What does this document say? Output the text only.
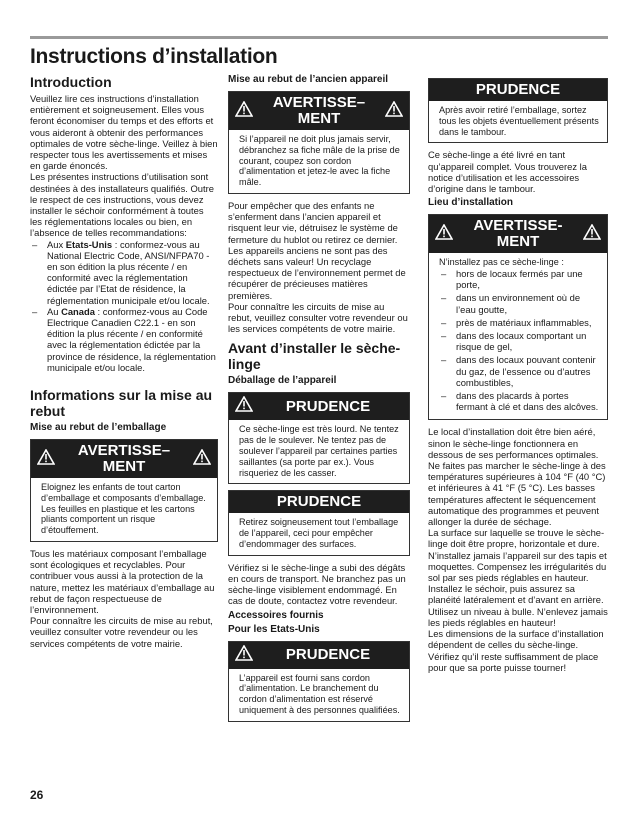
Instructions d’installation
Introduction

Veuillez lire ces instructions d’installation entièrement et soigneusement. Elles vous feront économiser du temps et des efforts et vous aideront à obtenir des performances optimales de votre sèche-linge. Veillez à bien respecter tous les avertissements et mises en garde énoncés.

Les présentes instructions d’utilisation sont destinées à des installateurs qualifiés. Outre le respect de ces instructions, vous devez installer le séchoir conformément à toutes les réglementations locales ou bien, en l’absence de telles recommandations:

– Aux Etats-Unis : conformez-vous au National Electric Code, ANSI/NFPA70 - en son édition la plus récente / en conformité avec la réglementation édictée par l’Etat de résidence, la réglementation municipale et/ou locale.
– Au Canada : conformez-vous au Code Electrique Canadien C22.1 - en son édition la plus récente / en conformité avec la réglementation édictée par la province de résidence, la réglementation municipale et/ou locale.
Informations sur la mise au rebut
Mise au rebut de l’emballage
AVERTISSE– MENT

Eloignez les enfants de tout carton d’emballage et composants d’emballage. Les feuilles en plastique et les cartons pliants comportent un risque d’étouffement.

Tous les matériaux composant l’emballage sont écologiques et recyclables. Pour contribuer vous aussi à la protection de la nature, mettez les matériaux d’emballage au rebut de façon respectueuse de l’environnement.

Pour connaître les circuits de mise au rebut, veuillez consulter votre revendeur ou les services compétents de votre mairie.

Mise au rebut de l’ancien appareil
AVERTISSE– MENT

Si l’appareil ne doit plus jamais servir, débranchez sa fiche mâle de la prise de courant, coupez son cordon d’alimentation et jetez-le avec la fiche mâle.

Pour empêcher que des enfants ne s’enferment dans l’ancien appareil et risquent leur vie, détruisez le système de fermeture du hublot ou retirez ce dernier.

Les appareils anciens ne sont pas des déchets sans valeur! Un recyclage respectueux de l’environnement permet de récupérer de précieuses matières premières.

Pour connaître les circuits de mise au rebut, veuillez consulter votre revendeur ou les services compétents de votre mairie.

Avant d’installer le sèche-linge
Déballage de l’appareil
PRUDENCE

Ce sèche-linge est très lourd. Ne tentez pas de le soulever. Ne tentez pas de soulever l’appareil par certaines parties saillantes (sa porte par ex.). Vous risqueriez de les casser.

PRUDENCE

Retirez soigneusement tout l’emballage de l’appareil, ceci pour empêcher d’endommager des surfaces.

Vérifiez si le sèche-linge a subi des dégâts en cours de transport. Ne branchez pas un sèche-linge visiblement endommagé. En cas de doute, contactez votre revendeur.

Accessoires fournis
Pour les Etats-Unis
PRUDENCE

L’appareil est fourni sans cordon d’alimentation. Le branchement du cordon d’alimentation est réservé uniquement à des personnes qualifiées.

PRUDENCE

Après avoir retiré l’emballage, sortez tous les objets éventuellement présents dans le tambour.

Ce sèche-linge a été livré en tant qu’appareil complet. Vous trouverez la notice d’utilisation et les accessoires d’origine dans le tambour.

Lieu d’installation
AVERTISSE- MENT

N’installez pas ce sèche-linge :

– hors de locaux fermés par une porte,
– dans un environnement où de l’eau goutte,
– près de matériaux inflammables,
– dans des locaux comportant un risque de gel,
– dans des locaux pouvant contenir du gaz, de l’essence ou d’autres combustibles,
– dans des placards à portes fermant à clé et dans des alcôves.

Le local d’installation doit être bien aéré, sinon le sèche-linge fonctionnera en dessous de ses performances optimales.

Ne faites pas marcher le sèche-linge à des températures supérieures à 104 °F (40 °C) et inférieures à 41 °F (5 °C). Les basses températures affectent le séquencement automatique des programmes et peuvent allonger la durée de séchage.

La surface sur laquelle se trouve le sèche-linge doit être propre, horizontale et dure. N’installez jamais l’appareil sur des tapis et moquettes. Compensez les irrégularités du sol par ses pieds réglables en hauteur. Installez le séchoir, puis assurez sa planéité latéralement et d’avant en arrière. Utilisez un niveau à bulle. N’enlevez jamais les pieds réglables en hauteur!

Les dimensions de la surface d’installation dépendent de celles du sèche-linge. Vérifiez qu’il reste suffisamment de place pour que sa porte puisse tourner!

26
